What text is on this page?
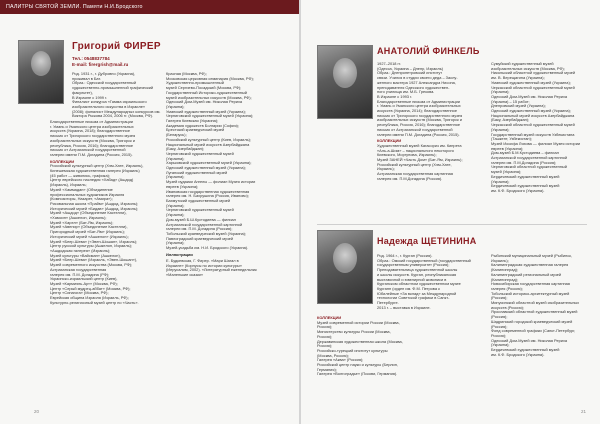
ПАЛИТРЫ СВЯТОЙ ЗЕМЛИ. Памяти Н.И.Бродского
Григорий ФИРЕР
Тел.: 0548837784
E-mail: firergrish@mail.ru
Род. 1931 г., г. Дубровно (Украина),
проживал в Бат.
Образ.: Одесский государственный
художественно-промышленной графический
факультет),
В Израиле с 1999 г.
Финалист конкурса «Гамма израильского
изобразительного искусства в Израиле»
(2008); финалист Международных конкурсов им.
Виктора Рыжова 2004, 2006 гг. (Москва, РФ).
Благодарственные письма от Администрации
г. Умань и Уманского центра изобразительных
искусств (Украина, 2018); благодарственное
письмо от Тригорского государственного музея
изобразительных искусств (Москва, Тригорск и
республика, Россия, 2016); благодарственное
письмо от Астраханской государственной
галереи имени П.М. Догадина (Россия, 2015).
КОЛЛЕКЦИИ
Российский культурный центр (Хэм-Хате, Израиль),
Кинешемская художественная галерея (Израиль)
(45 работ — живопись, графика);
Центр еврейского наследия «Хабад» (Ашдод)
(Израиль), Израиль;
Музей «Хаммадан» (Объединение
профессиональных художников Израиля
(Композиторы, Назарет, «Амира»);
Рисовальная школа «Прайм» (Ашдод, Израиль);
Исторический музей «Бидав» (Ашдод, Израиль);
Музей «Ашдод» (Объединение Кастелли),
«Хамсин» (Ашкелон, Израиль);
Музей «Харел» (Бат-Ям, Израиль);
Музей «Авенир» (Объединение Кастелли),
Пригородный музей «Бат-Ям» (Израиль);
Исторический музей «Ашкелон» (Израиль);
Музей «Беер-Шева» («Эвен-Шошан», Израиль);
Центр русской культуры (Ашкелон, Израиль);
«Ашдодская галерея» (Израиль);
Музей культуры «Вайсман» (Ашкелон),
Музей «Беер-Шева» (Израиль, «Эвен-Шошан»),
Музей современного искусства (Москва, РФ);
Астраханская государственная
галерея им. П.М. Догадина (РФ);
Украинско-израильский центр (Киев),
Музей «Кармиэль-Арт» (Москва, РФ);
Центр «Серый мудрец-аббат» (Москва, РФ);
Центр «Синагога» (Москва, РФ);
Еврейская община Израиля (Израиль, РФ);
Культурно-религиозный музей центр по «Часть».
Красная (Москва, РФ);
Московская церковная семинария (Москва, РФ);
Художественно-промышленный
музей Сергиево-Посадский (Москва, РФ);
Государственный Историко-художественный
музей изобразительных искусств (Москва, РФ);
Одесский Дом-Музей им. Николая Рериха
(Украина);
Уманский художественный музей (Украина);
Черниговский художественный музей (Украина);
Галерея Киевская (Украина);
Академия художеств Болгарии (София);
Брестский краеведческий музей
(Беларусь);
Российский культурный центр (Киев, Израиль);
Национальный музей искусств Азербайджана
(Баку, Азербайджан);
Черниговский художественный музей
(Украина);
Харьковский художественный музей (Украина);
Одесский художественный музей (Украина);
Луганский художественный музей
(Украина);
Музей иудаики Ангелы — филиал Музея истории
евреев (Украина);
Ивановская государственная художественная
галерея им. Н. Бахрушина (Россия, Иваново);
Бахмутский художественный музей
(Украина);
Черниговский художественный музей
(Украина);
Дом-музей Б.Ш.Кустодиева — филиал
Астраханской государственной картинной
галереи им. П.М. Догадина (Россия);
Тобольский краеведческий музей (Украина);
Павлоградский краеведческий музей
(Украина);
Музей-усадьба им. Н.И. Бродского (Украина).
Иллюстрации
Е. Будкевская, Г. Фирер. «Мари Шагал в
Израиле» (Корпусы по истории культуры»
(Иерусалим, 2002). «Литературный еженедельник
«Маленькие сказки»
20
АНАТОЛИЙ ФИНКЕЛЬ
1927–2018 гг.
(Одесса, Украина – Днепр, Израиль)
Образ.: Днепропетровский институт
связи. Учился в студии своего деда – Заслу-
женного мастера 1927 Александра Нисона,
преподавателя Одесского художествен-
ного училища им. М.Б. Грекова.
В Израиле с 1993 г.
Благодарственные письма от Администрации
г. Умань и Уманского центра изобразительных
искусств (Украина, 2014); благодарственное
письмо от Тригорского государственного музея
изобразительных искусств (Москва, Тригорск и
республика, Россия, 2016); благодарственное
письмо от Астраханской государственной
галереи имени П.М. Догадина (Россия, 2015).
КОЛЛЕКЦИИ
Художественный музей Кагасориз им. Кипрета
«Аль-а-Шим» – национального некоторого
Киевского, Моргунова, Израиль);
Музей ЗАНЕЙ «Часть Дом» (Бат-Ям, Израиль);
Российский культурный центр (Хэм-Хате,
Израиль);
Астраханская государственная картинная
галерея им. П.М.Догадина (Россия).
Сумуйский художественный музей
изобразительных искусств (Москва, РФ);
Никольский областной художественный музей
им. В. Верещагина (Украина);
Уманский художественный музей (Украина);
Черкасский областной художественный музей
(Украина);
Одесский Дом-Музей им. Николая Рериха
(Украина) – 15 работ;
Днепровский музей (Украина);
Одесский художественный музей (Украина);
Национальный музей искусств Азербайджана
(Баку, Азербайджан);
Черкасский областной художественный музей
(Украина);
Государственный музей искусств Узбекистана
(Ташкент, Узбекистан);
Музей Иосифа Ляхова — филиал Музея истории
евреев (Украина);
Дом-музей Б.М.Кустодиева – филиал
Астраханской государственной картинной
галереи им. П.М.Догадина (Россия);
Черниговский областной художественный
музей (Украина);
Бердичевский художественный музей
(Украина);
Бердичевский художественный музей
им. К.Ф. Бродского (Украина).
Надежда ЩЕТИНИНА
Род. 1964 г., г. Курган (Россия).
Образ.: Омский государственный (государственный
государственным университет (Россия);
Преподавательница художественной школы
и школы искусств. Курган, республиканская
выставочной и ювелирной живописи в
Курганском областном художественном музее
Курганн (орден им. Ф.М. Петрова к
Юбилейные «За вклад» за Международной
технологии Советской графики в Санкт-
Петербурге.
2013 г. – выставка в Израиле.
КОЛЛЕКЦИИ
Музей современной истории России (Москва,
Россия);
Министерство культуры России (Москва,
Россия);
Державинская художественная школа (Москва,
Россия);
Российско-турецкий институт культуры
(Москва, Россия);
Галерея «Аква» (Россия);
Российский центр науки и культуры (Берлин,
Германия);
Галерея «Волгоградье» (Пскови, Германия).
Рыбинский муниципальный музей (Рыбинск,
Израиль);
Калининградская художественная галерея
(Калининград);
Калининградский региональный музей
(Калининград);
Новосибирская государственная картинная
галерея (Россия);
Тобольский историко-архитектурный музей
(Россия);
Минусинский областной музей изобразительных
искусств (Россия);
Ярославский областной художественный музей
(Россия);
Шадринский городской краеведческий музей
(Россия);
Фонд современной графики (Санкт-Петербург,
Россия);
Одесский Дом-Музей им. Николая Рериха
(Украина);
Бердичевский художественный музей
им. К.Ф. Бродского (Украина).
21
